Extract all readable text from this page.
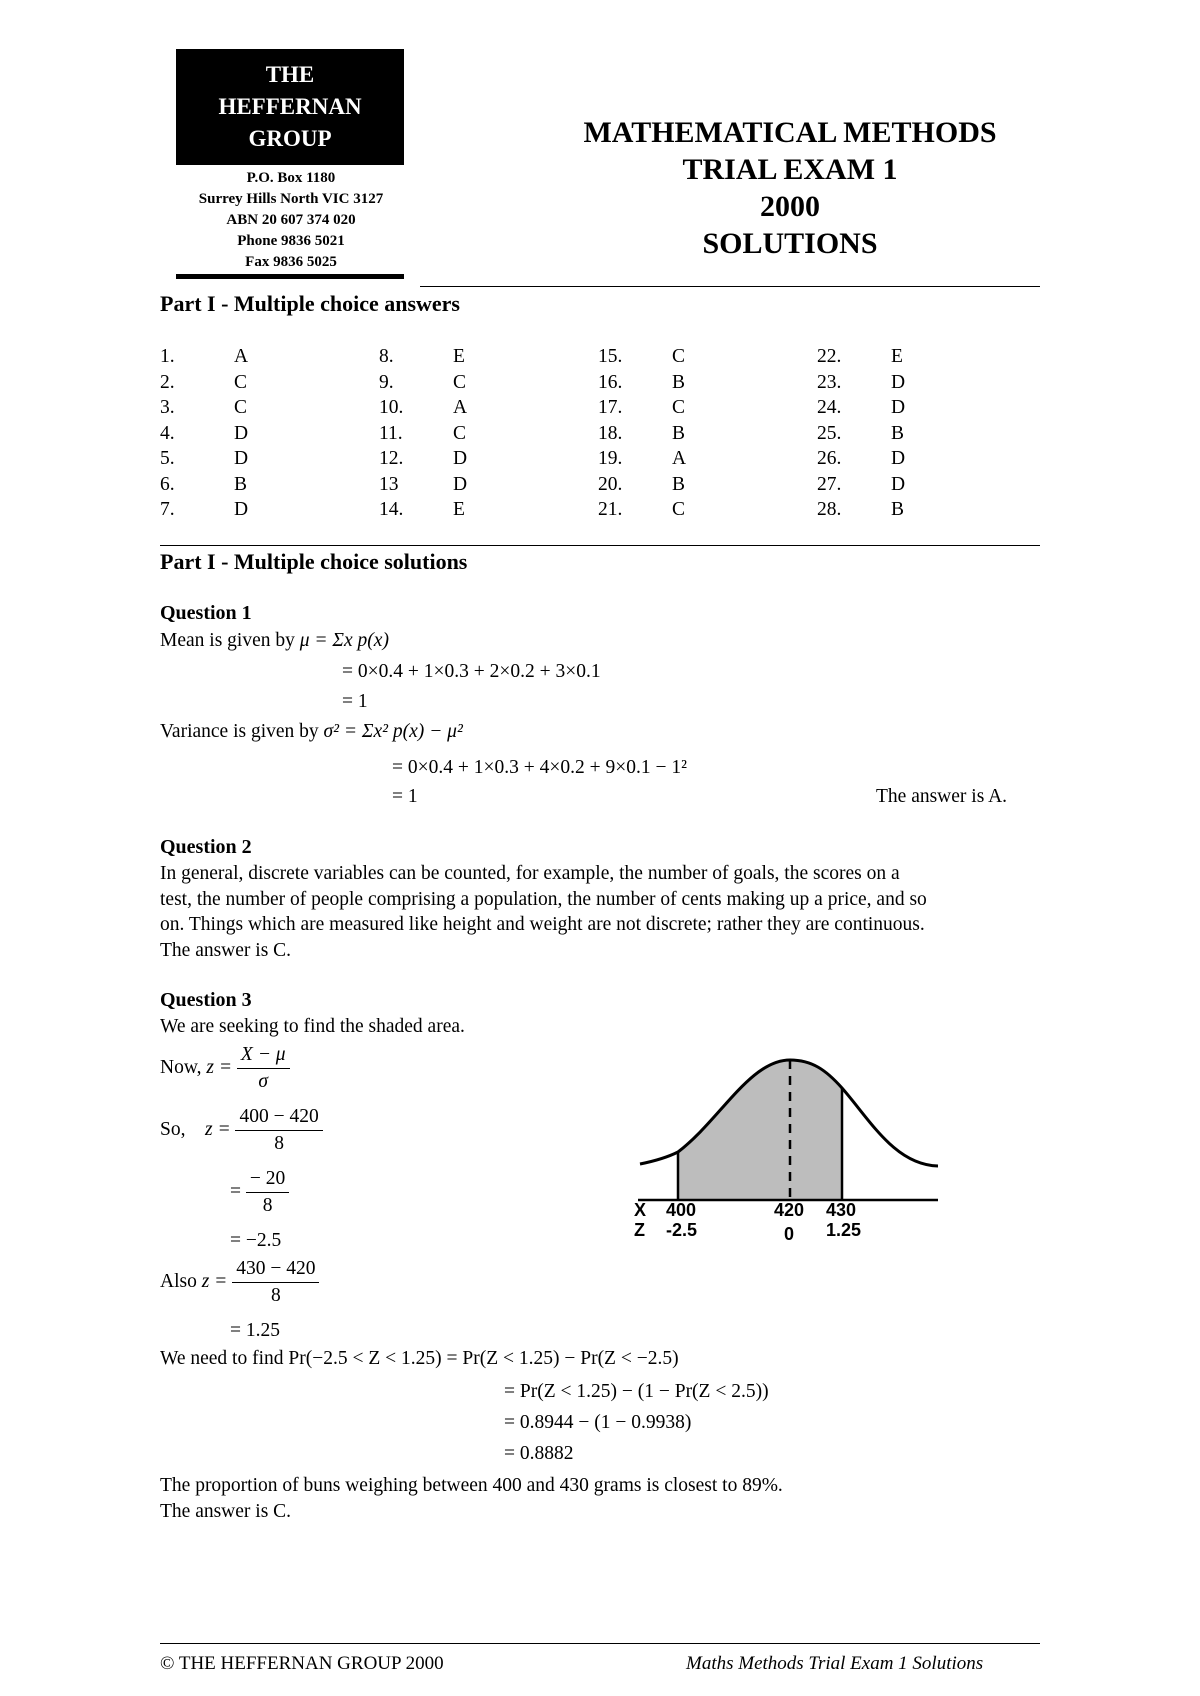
THE
HEFFERNAN
GROUP
P.O. Box 1180
Surrey Hills North VIC 3127
ABN 20 607 374 020
Phone 9836 5021
Fax 9836 5025
MATHEMATICAL METHODS
TRIAL EXAM 1
2000
SOLUTIONS
Part I - Multiple choice answers
1.	A
2.	C
3.	C
4.	D
5.	D
6.	B
7.	D
8.	E
9.	C
10.	A
11.	C
12.	D
13	D
14.	E
15.	C
16.	B
17.	C
18.	B
19.	A
20.	B
21.	C
22.	E
23.	D
24.	D
25.	B
26.	D
27.	D
28.	B
Part I - Multiple choice solutions
Question 1
Mean is given by μ = Σx p(x)
= 0×0.4 + 1×0.3 + 2×0.2 + 3×0.1
= 1
Variance is given by σ² = Σx² p(x) − μ²
= 0×0.4 + 1×0.3 + 4×0.2 + 9×0.1 − 1²
= 1	The answer is A.
Question 2
In general, discrete variables can be counted, for example, the number of goals, the scores on a
test, the number of people comprising a population, the number of cents making up a price, and so
on. Things which are measured like height and weight are not discrete; rather they are continuous.
The answer is C.
Question 3
We are seeking to find the shaded area.
Now, $z = \frac{X - \mu}{\sigma}$
So, $z = \frac{400 - 420}{8}$
= $\frac{- 20}{8}$
= −2.5
Also $z = \frac{430 - 420}{8}$
= 1.25
We need to find Pr(−2.5 < Z < 1.25) = Pr(Z < 1.25) − Pr(Z < −2.5)
= Pr(Z < 1.25) − (1 − Pr(Z < 2.5))
= 0.8944 − (1 − 0.9938)
= 0.8882
The proportion of buns weighing between 400 and 430 grams is closest to 89%.
The answer is C.
X
Z
400	420 430
-2.5	0 1.25
© THE HEFFERNAN GROUP 2000	Maths Methods Trial Exam 1 Solutions
